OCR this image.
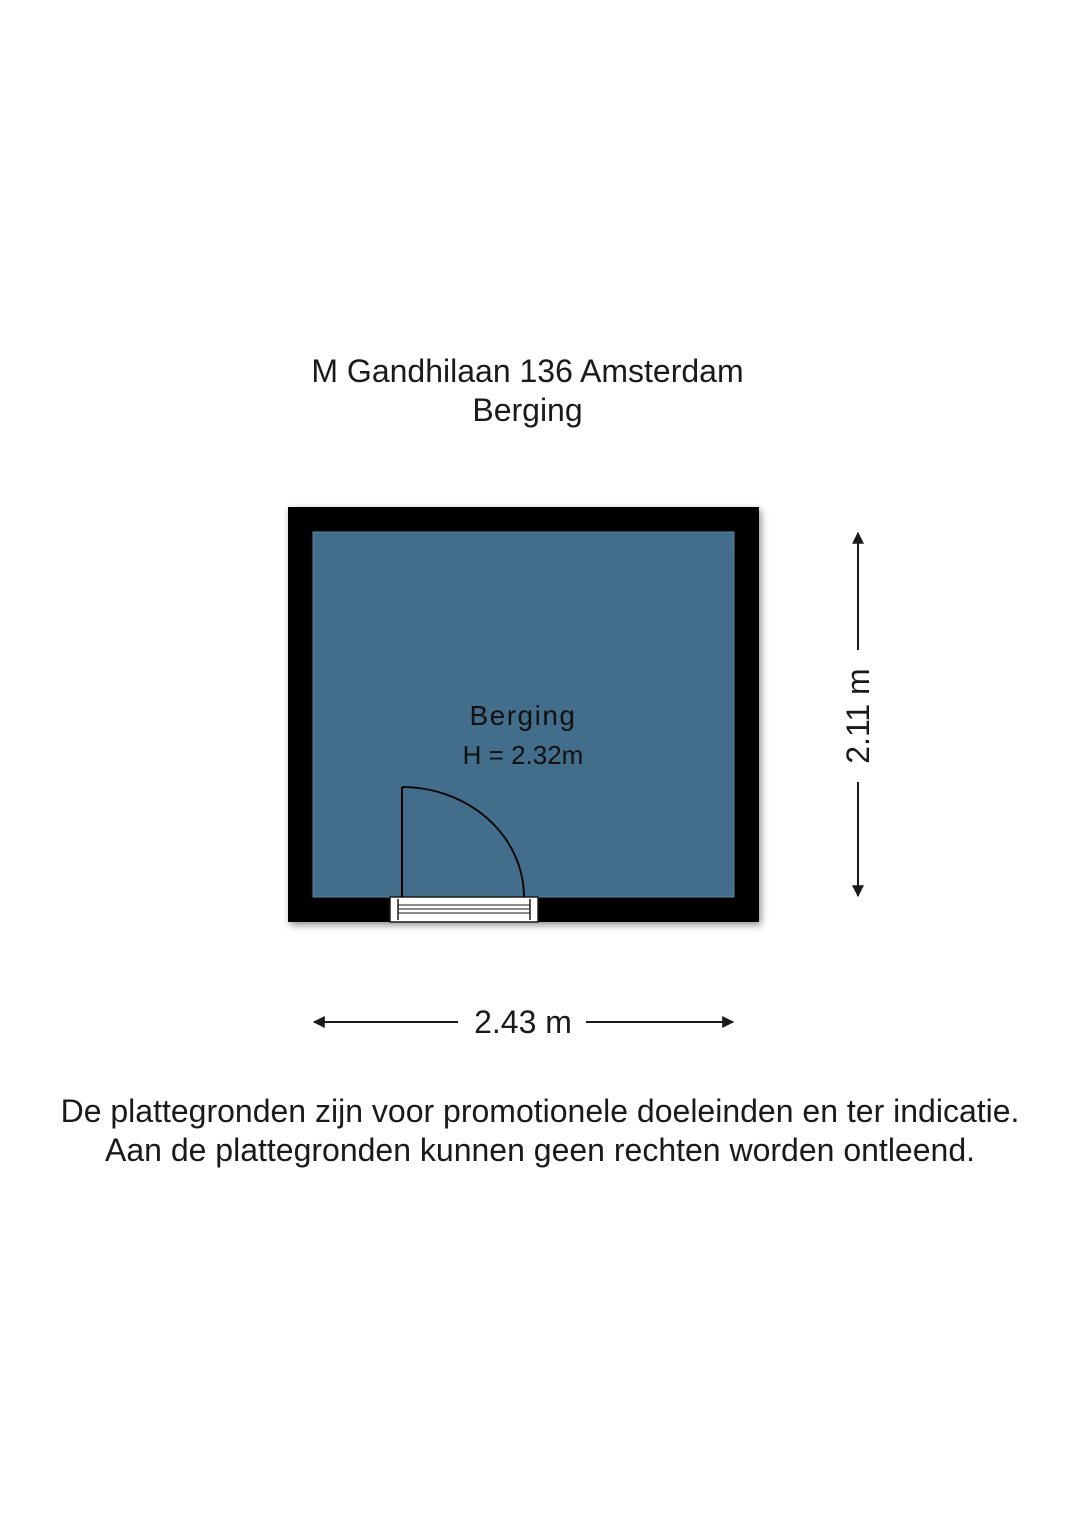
M Gandhilaan 136 Amsterdam
Berging
Berging
H = 2.32m	2.11 m
2.43 m
De plattegronden zijn voor promotionele doeleinden en ter indicatie.
Aan de plattegronden kunnen geen rechten worden ontleend.
